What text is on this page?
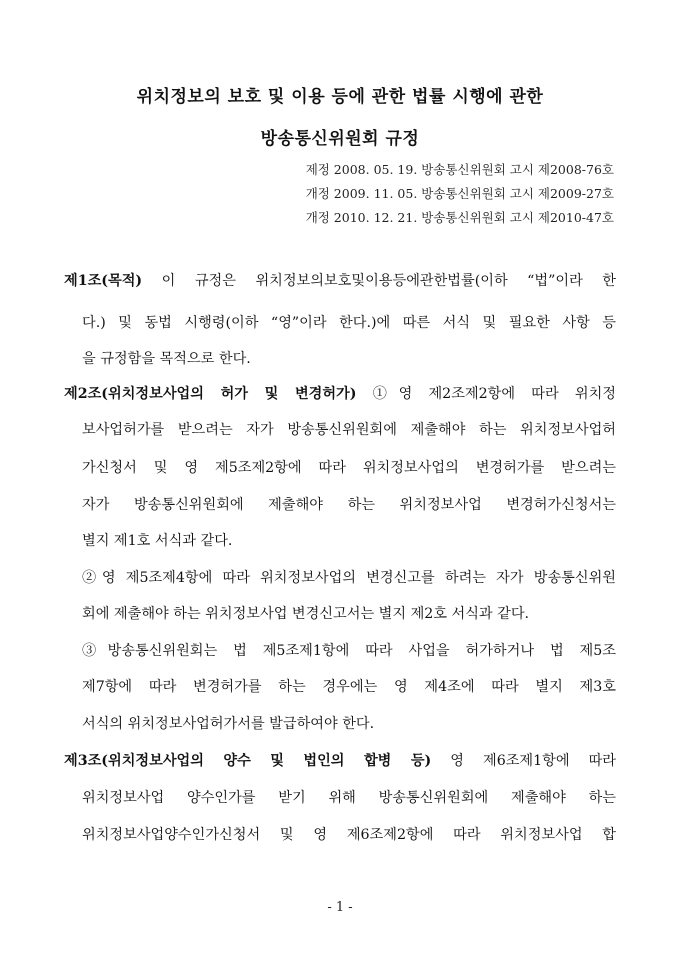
위치정보의 보호 및 이용 등에 관한 법률 시행에 관한
방송통신위원회 규정
제정 2008. 05. 19. 방송통신위원회 고시 제2008-76호
개정 2009. 11. 05. 방송통신위원회 고시 제2009-27호
개정 2010. 12. 21. 방송통신위원회 고시 제2010-47호
제1조(목적) 이 규정은 위치정보의보호및이용등에관한법률(이하 “법”이라 한
다.) 및 동법 시행령(이하 “영”이라 한다.)에 따른 서식 및 필요한 사항 등
을 규정함을 목적으로 한다.
제2조(위치정보사업의 허가 및 변경허가) ①영 제2조제2항에 따라 위치정
보사업허가를 받으려는 자가 방송통신위원회에 제출해야 하는 위치정보사업허
가신청서 및 영 제5조제2항에 따라 위치정보사업의 변경허가를 받으려는
자가 방송통신위원회에 제출해야 하는 위치정보사업 변경허가신청서는
별지 제1호 서식과 같다.
②영 제5조제4항에 따라 위치정보사업의 변경신고를 하려는 자가 방송통신위원
회에 제출해야 하는 위치정보사업 변경신고서는 별지 제2호 서식과 같다.
③방송통신위원회는 법 제5조제1항에 따라 사업을 허가하거나 법 제5조
제7항에 따라 변경허가를 하는 경우에는 영 제4조에 따라 별지 제3호
서식의 위치정보사업허가서를 발급하여야 한다.
제3조(위치정보사업의 양수 및 법인의 합병 등) 영 제6조제1항에 따라
위치정보사업 양수인가를 받기 위해 방송통신위원회에 제출해야 하는
위치정보사업양수인가신청서 및 영 제6조제2항에 따라 위치정보사업 합
- 1 -
